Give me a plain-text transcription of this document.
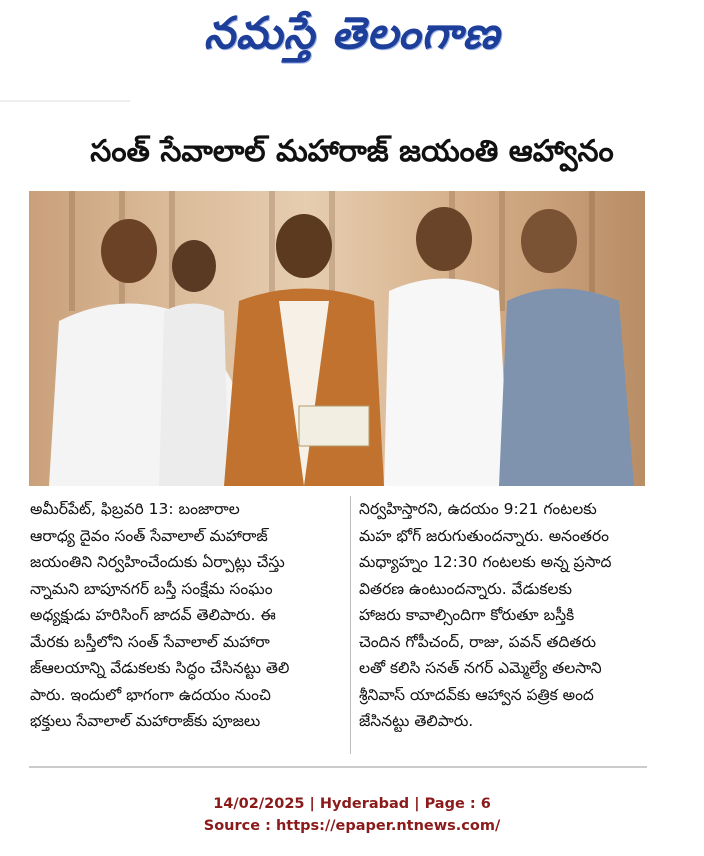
నమస్తే తెలంగాణ
సంత్ సేవాలాల్ మహారాజ్ జయంతి ఆహ్వానం
అమీర్‌పేట్, ఫిబ్రవరి 13: బంజారాల
ఆరాధ్య దైవం సంత్ సేవాలాల్ మహారాజ్
జయంతిని నిర్వహించేందుకు ఏర్పాట్లు చేస్తు
న్నామని బాపూనగర్ బస్తీ సంక్షేమ సంఘం
అధ్యక్షుడు హరిసింగ్ జాదవ్ తెలిపారు. ఈ
మేరకు బస్తీలోని సంత్ సేవాలాల్ మహారా
జ్‌ఆలయాన్ని వేడుకలకు సిద్ధం చేసినట్టు తెలి
పారు. ఇందులో భాగంగా ఉదయం నుంచి
భక్తులు సేవాలాల్ మహారాజ్‌కు పూజలు
నిర్వహిస్తారని, ఉదయం 9:21 గంటలకు
మహ భోగ్ జరుగుతుందన్నారు. అనంతరం
మధ్యాహ్నం 12:30 గంటలకు అన్న ప్రసాద
వితరణ ఉంటుందన్నారు. వేడుకలకు
హాజరు కావాల్సిందిగా కోరుతూ బస్తీకి
చెందిన గోపీచంద్, రాజు, పవన్ తదితరు
లతో కలిసి సనత్ నగర్ ఎమ్మెల్యే తలసాని
శ్రీనివాస్ యాదవ్‌కు ఆహ్వాన పత్రిక అంద
జేసినట్టు తెలిపారు.
14/02/2025 | Hyderabad | Page : 6
Source : https://epaper.ntnews.com/
